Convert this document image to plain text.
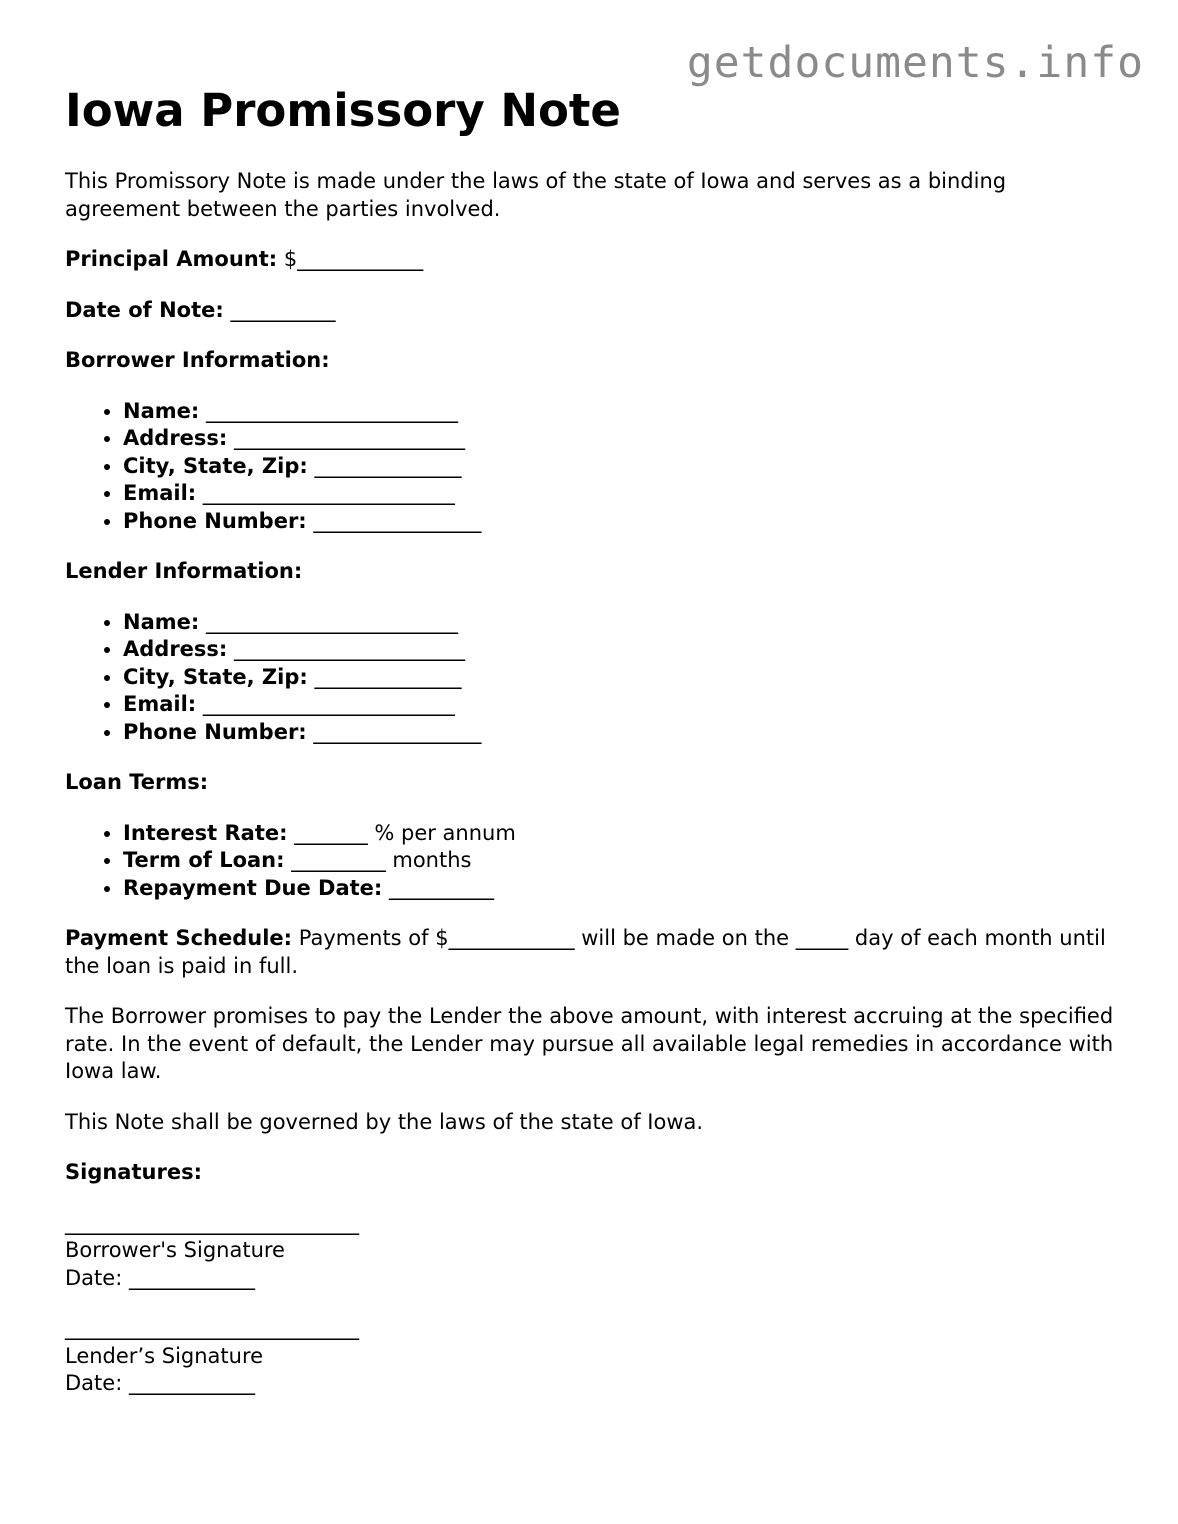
getdocuments.info
Iowa Promissory Note

This Promissory Note is made under the laws of the state of Iowa and serves as a binding agreement between the parties involved.

Principal Amount: $____________

Date of Note: __________

Borrower Information:

• Name: ________________________
• Address: ______________________
• City, State, Zip: ______________
• Email: ________________________
• Phone Number: ________________

Lender Information:

• Name: ________________________
• Address: ______________________
• City, State, Zip: ______________
• Email: ________________________
• Phone Number: ________________

Loan Terms:

• Interest Rate: _______ % per annum
• Term of Loan: _________ months
• Repayment Due Date: __________

Payment Schedule: Payments of $____________ will be made on the _____ day of each month until the loan is paid in full.

The Borrower promises to pay the Lender the above amount, with interest accruing at the specified rate. In the event of default, the Lender may pursue all available legal remedies in accordance with Iowa law.

This Note shall be governed by the laws of the state of Iowa.

Signatures:

____________________________

Borrower's Signature

Date: ____________

____________________________

Lender’s Signature

Date: ____________
